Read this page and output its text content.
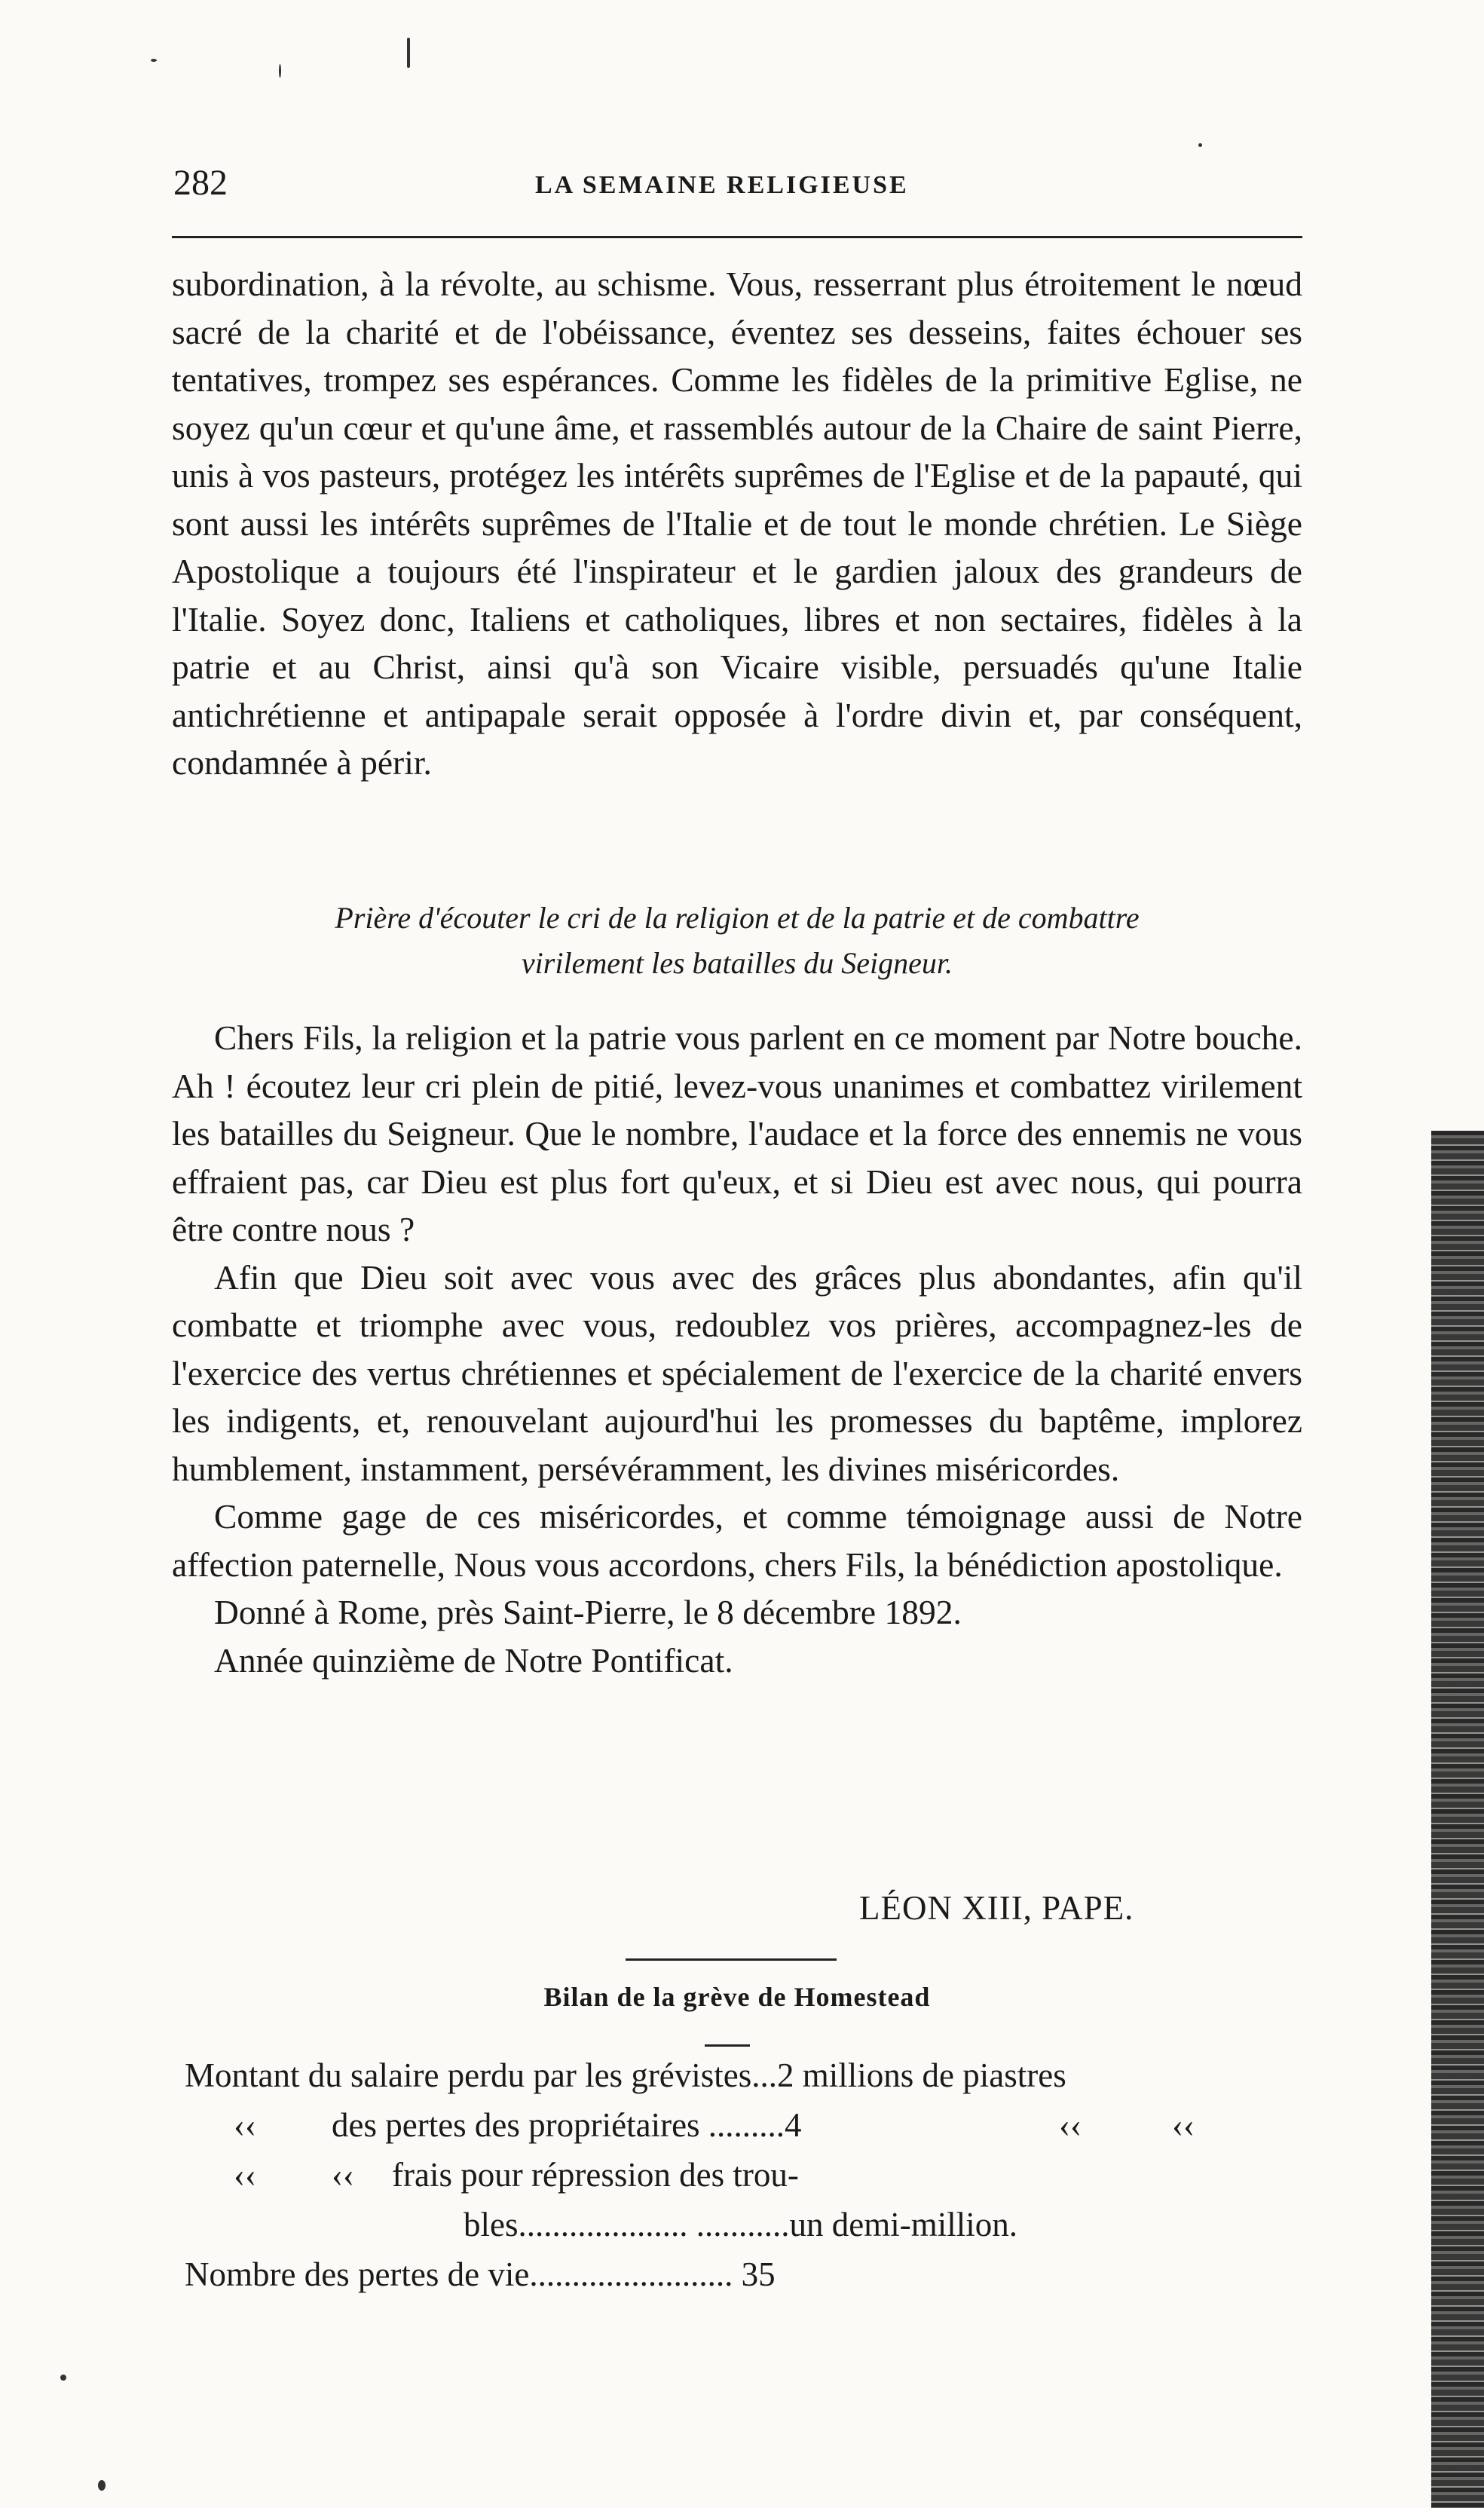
282	LA SEMAINE RELIGIEUSE

subordination, à la révolte, au schisme. Vous, resserrant plus étroitement le nœud sacré de la charité et de l'obéissance, éventez ses desseins, faites échouer ses tentatives, trompez ses espérances. Comme les fidèles de la primitive Eglise, ne soyez qu'un cœur et qu'une âme, et rassemblés autour de la Chaire de saint Pierre, unis à vos pasteurs, protégez les intérêts suprêmes de l'Eglise et de la papauté, qui sont aussi les intérêts suprêmes de l'Italie et de tout le monde chrétien. Le Siège Apostolique a toujours été l'inspirateur et le gardien jaloux des grandeurs de l'Italie. Soyez donc, Italiens et catholiques, libres et non sectaires, fidèles à la patrie et au Christ, ainsi qu'à son Vicaire visible, persuadés qu'une Italie antichrétienne et antipapale serait opposée à l'ordre divin et, par conséquent, condamnée à périr.

Prière d'écouter le cri de la religion et de la patrie et de combattre
virilement les batailles du Seigneur.

Chers Fils, la religion et la patrie vous parlent en ce moment par Notre bouche. Ah ! écoutez leur cri plein de pitié, levez-vous unanimes et combattez virilement les batailles du Seigneur. Que le nombre, l'audace et la force des ennemis ne vous effraient pas, car Dieu est plus fort qu'eux, et si Dieu est avec nous, qui pourra être contre nous ?

Afin que Dieu soit avec vous avec des grâces plus abondantes, afin qu'il combatte et triomphe avec vous, redoublez vos prières, accompagnez-les de l'exercice des vertus chrétiennes et spécialement de l'exercice de la charité envers les indigents, et, renouvelant aujourd'hui les promesses du baptême, implorez humblement, instamment, persévéramment, les divines miséricordes.

Comme gage de ces miséricordes, et comme témoignage aussi de Notre affection paternelle, Nous vous accordons, chers Fils, la bénédiction apostolique.

Donné à Rome, près Saint-Pierre, le 8 décembre 1892.

Année quinzième de Notre Pontificat.

LÉON XIII, PAPE.
Bilan de la grève de Homestead
Montant du salaire perdu par les grévistes...2 millions de piastres
‹‹ des pertes des propriétaires .........4	‹‹	‹‹
‹‹ ‹‹ frais pour répression des trou-
bles.................... ...........un demi-million.
Nombre des pertes de vie........................ 35
